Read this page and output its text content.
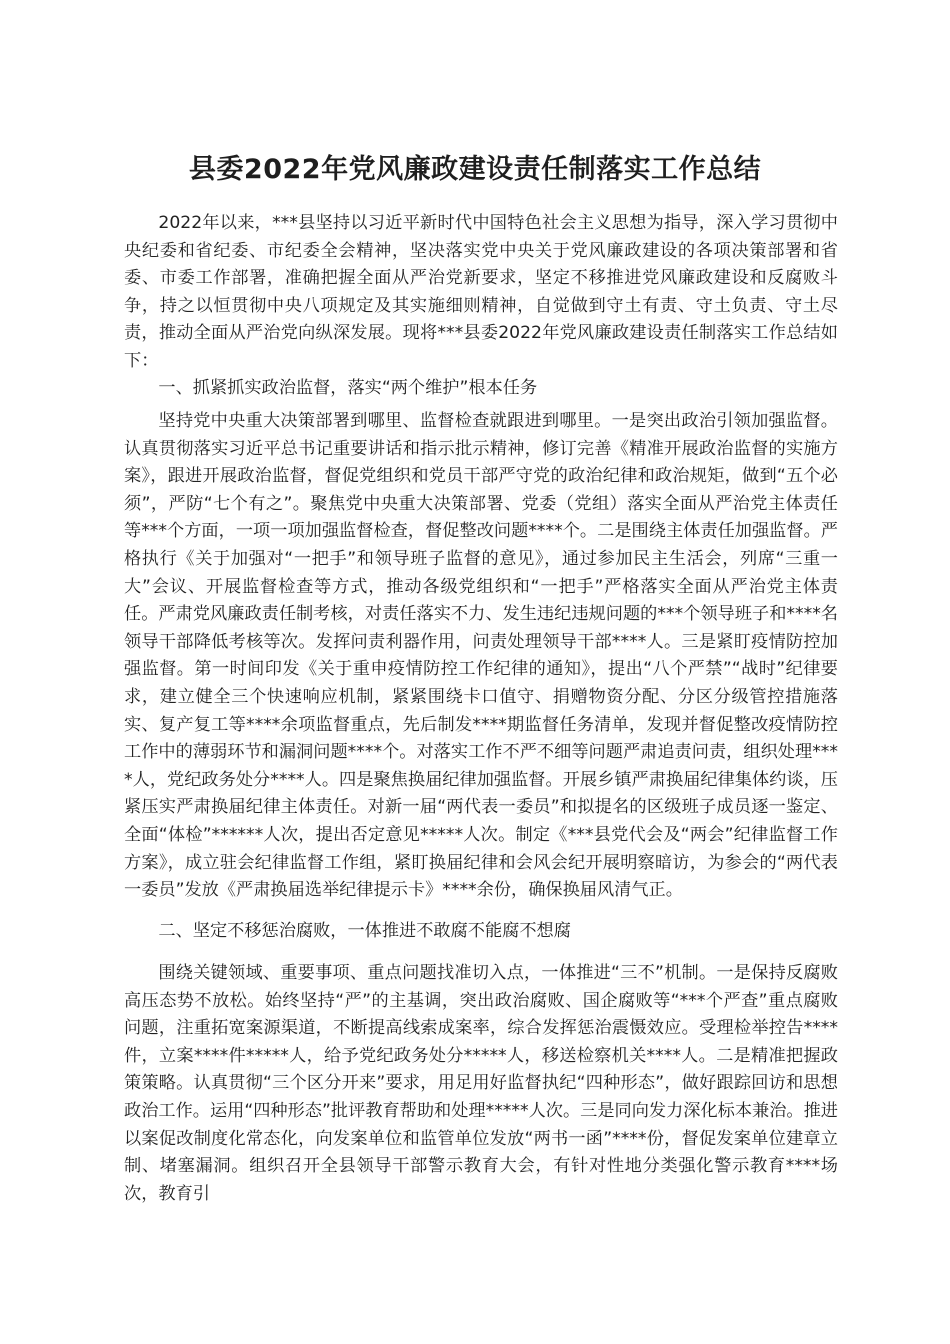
县委2022年党风廉政建设责任制落实工作总结

2022年以来，***县坚持以习近平新时代中国特色社会主义思想为指导，深入学习贯彻中央纪委和省纪委、市纪委全会精神，坚决落实党中央关于党风廉政建设的各项决策部署和省委、市委工作部署，准确把握全面从严治党新要求，坚定不移推进党风廉政建设和反腐败斗争，持之以恒贯彻中央八项规定及其实施细则精神，自觉做到守土有责、守土负责、守土尽责，推动全面从严治党向纵深发展。现将***县委2022年党风廉政建设责任制落实工作总结如下：

一、抓紧抓实政治监督，落实“两个维护”根本任务

坚持党中央重大决策部署到哪里、监督检查就跟进到哪里。一是突出政治引领加强监督。认真贯彻落实习近平总书记重要讲话和指示批示精神，修订完善《精准开展政治监督的实施方案》，跟进开展政治监督，督促党组织和党员干部严守党的政治纪律和政治规矩，做到“五个必须”，严防“七个有之”。聚焦党中央重大决策部署、党委（党组）落实全面从严治党主体责任等***个方面，一项一项加强监督检查，督促整改问题****个。二是围绕主体责任加强监督。严格执行《关于加强对“一把手”和领导班子监督的意见》，通过参加民主生活会，列席“三重一大”会议、开展监督检查等方式，推动各级党组织和“一把手”严格落实全面从严治党主体责任。严肃党风廉政责任制考核，对责任落实不力、发生违纪违规问题的***个领导班子和****名领导干部降低考核等次。发挥问责利器作用，问责处理领导干部****人。三是紧盯疫情防控加强监督。第一时间印发《关于重申疫情防控工作纪律的通知》，提出“八个严禁”“战时”纪律要求，建立健全三个快速响应机制，紧紧围绕卡口值守、捐赠物资分配、分区分级管控措施落实、复产复工等****余项监督重点，先后制发****期监督任务清单，发现并督促整改疫情防控工作中的薄弱环节和漏洞问题****个。对落实工作不严不细等问题严肃追责问责，组织处理****人，党纪政务处分****人。四是聚焦换届纪律加强监督。开展乡镇严肃换届纪律集体约谈，压紧压实严肃换届纪律主体责任。对新一届“两代表一委员”和拟提名的区级班子成员逐一鉴定、全面“体检”******人次，提出否定意见*****人次。制定《***县党代会及“两会”纪律监督工作方案》，成立驻会纪律监督工作组，紧盯换届纪律和会风会纪开展明察暗访，为参会的“两代表一委员”发放《严肃换届选举纪律提示卡》****余份，确保换届风清气正。

二、坚定不移惩治腐败，一体推进不敢腐不能腐不想腐

围绕关键领域、重要事项、重点问题找准切入点，一体推进“三不”机制。一是保持反腐败高压态势不放松。始终坚持“严”的主基调，突出政治腐败、国企腐败等“***个严查”重点腐败问题，注重拓宽案源渠道，不断提高线索成案率，综合发挥惩治震慑效应。受理检举控告****件，立案****件*****人，给予党纪政务处分*****人，移送检察机关****人。二是精准把握政策策略。认真贯彻“三个区分开来”要求，用足用好监督执纪“四种形态”，做好跟踪回访和思想政治工作。运用“四种形态”批评教育帮助和处理*****人次。三是同向发力深化标本兼治。推进以案促改制度化常态化，向发案单位和监管单位发放“两书一函”****份，督促发案单位建章立制、堵塞漏洞。组织召开全县领导干部警示教育大会，有针对性地分类强化警示教育****场次，教育引
